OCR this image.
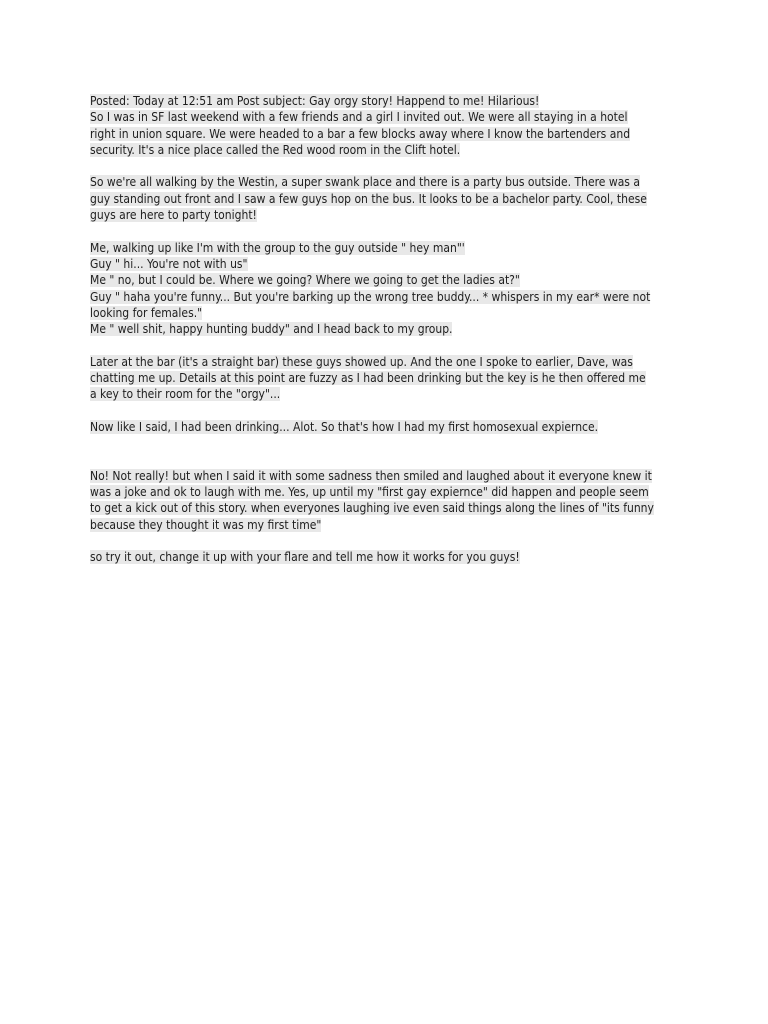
Posted: Today at 12:51 am Post subject: Gay orgy story! Happend to me! Hilarious!
So I was in SF last weekend with a few friends and a girl I invited out. We were all staying in a hotel
right in union square. We were headed to a bar a few blocks away where I know the bartenders and
security. It's a nice place called the Red wood room in the Clift hotel.

So we're all walking by the Westin, a super swank place and there is a party bus outside. There was a
guy standing out front and I saw a few guys hop on the bus. It looks to be a bachelor party. Cool, these
guys are here to party tonight!

Me, walking up like I'm with the group to the guy outside " hey man"'
Guy " hi... You're not with us"
Me " no, but I could be. Where we going? Where we going to get the ladies at?"
Guy " haha you're funny... But you're barking up the wrong tree buddy... * whispers in my ear* were not
looking for females."
Me " well shit, happy hunting buddy" and I head back to my group.

Later at the bar (it's a straight bar) these guys showed up. And the one I spoke to earlier, Dave, was
chatting me up. Details at this point are fuzzy as I had been drinking but the key is he then offered me
a key to their room for the "orgy"...

Now like I said, I had been drinking... Alot. So that's how I had my first homosexual expiernce.

No! Not really! but when I said it with some sadness then smiled and laughed about it everyone knew it
was a joke and ok to laugh with me. Yes, up until my "first gay expiernce" did happen and people seem
to get a kick out of this story. when everyones laughing ive even said things along the lines of "its funny
because they thought it was my first time"

so try it out, change it up with your flare and tell me how it works for you guys!
